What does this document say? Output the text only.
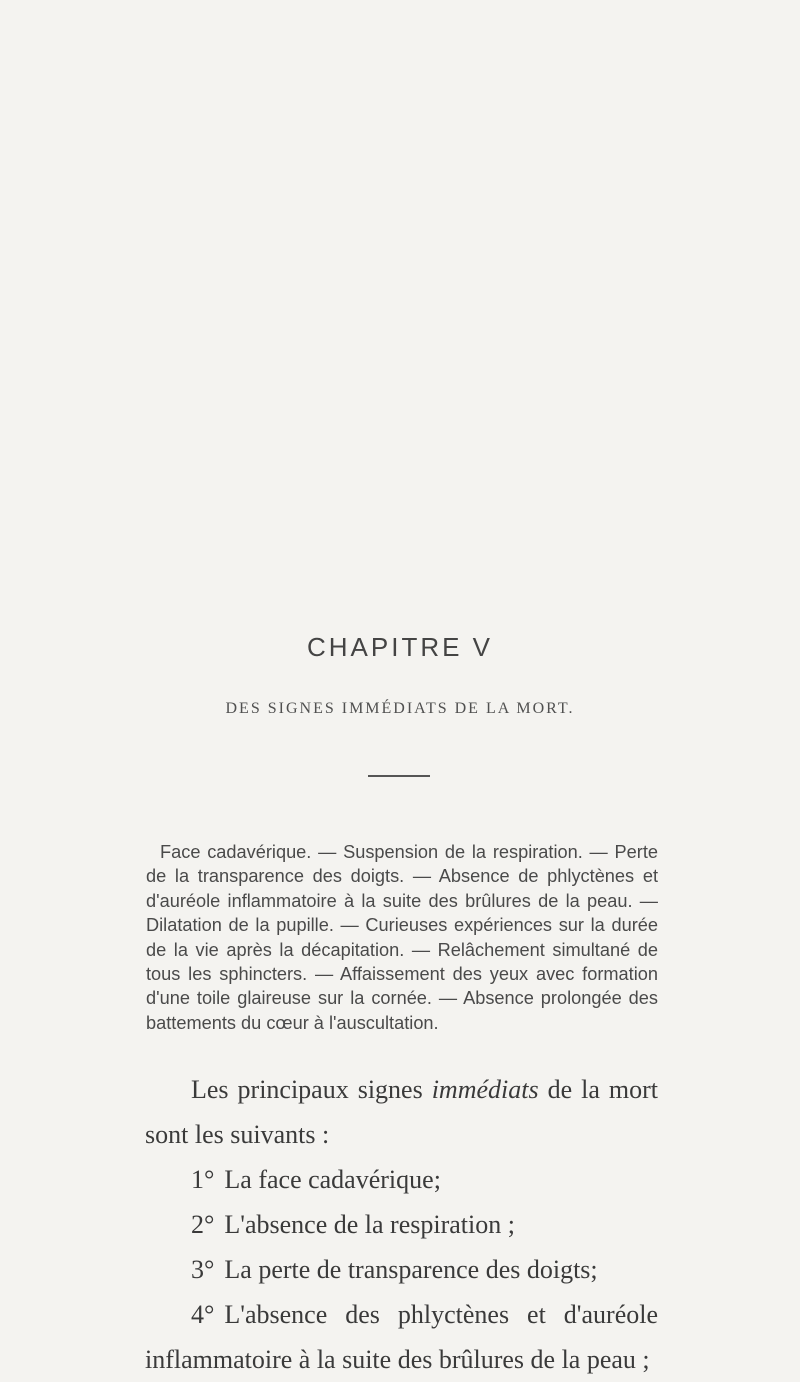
CHAPITRE V
DES SIGNES IMMÉDIATS DE LA MORT.

Face cadavérique. — Suspension de la respiration. — Perte de la transparence des doigts. — Absence de phlyctènes et d'auréole inflammatoire à la suite des brûlures de la peau. — Dilatation de la pupille. — Curieuses expériences sur la durée de la vie après la décapitation. — Relâchement simultané de tous les sphincters. — Affaissement des yeux avec formation d'une toile glaireuse sur la cornée. — Absence prolongée des battements du cœur à l'auscultation.

Les principaux signes immédiats de la mort sont les suivants :

1° La face cadavérique;

2° L'absence de la respiration ;

3° La perte de transparence des doigts;

4° L'absence des phlyctènes et d'auréole inflammatoire à la suite des brûlures de la peau ;
